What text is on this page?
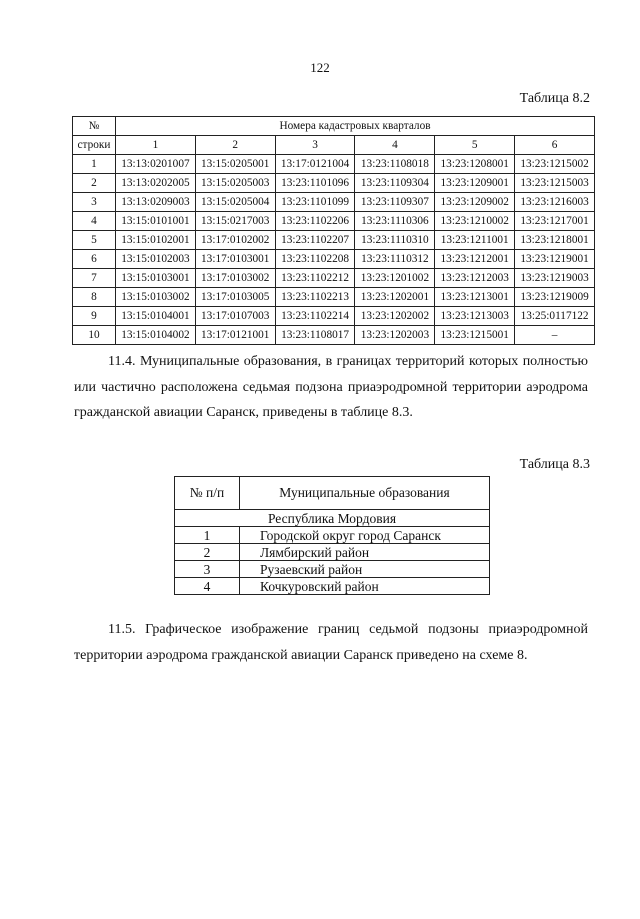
122
Таблица 8.2
№	Номера кадастровых кварталов					
строки	1	2	3	4	5	6
1	13:13:0201007	13:15:0205001	13:17:0121004	13:23:1108018	13:23:1208001	13:23:1215002
2	13:13:0202005	13:15:0205003	13:23:1101096	13:23:1109304	13:23:1209001	13:23:1215003
3	13:13:0209003	13:15:0205004	13:23:1101099	13:23:1109307	13:23:1209002	13:23:1216003
4	13:15:0101001	13:15:0217003	13:23:1102206	13:23:1110306	13:23:1210002	13:23:1217001
5	13:15:0102001	13:17:0102002	13:23:1102207	13:23:1110310	13:23:1211001	13:23:1218001
6	13:15:0102003	13:17:0103001	13:23:1102208	13:23:1110312	13:23:1212001	13:23:1219001
7	13:15:0103001	13:17:0103002	13:23:1102212	13:23:1201002	13:23:1212003	13:23:1219003
8	13:15:0103002	13:17:0103005	13:23:1102213	13:23:1202001	13:23:1213001	13:23:1219009
9	13:15:0104001	13:17:0107003	13:23:1102214	13:23:1202002	13:23:1213003	13:25:0117122
10	13:15:0104002	13:17:0121001	13:23:1108017	13:23:1202003	13:23:1215001	–

11.4. Муниципальные образования, в границах территорий которых полностью или частично расположена седьмая подзона приаэродромной территории аэродрома гражданской авиации Саранск, приведены в таблице 8.3.

Таблица 8.3
№ п/п	Муниципальные образования
Республика Мордовия	
1	Городской округ город Саранск
2	Лямбирский район
3	Рузаевский район
4	Кочкуровский район

11.5. Графическое изображение границ седьмой подзоны приаэродромной территории аэродрома гражданской авиации Саранск приведено на схеме 8.
